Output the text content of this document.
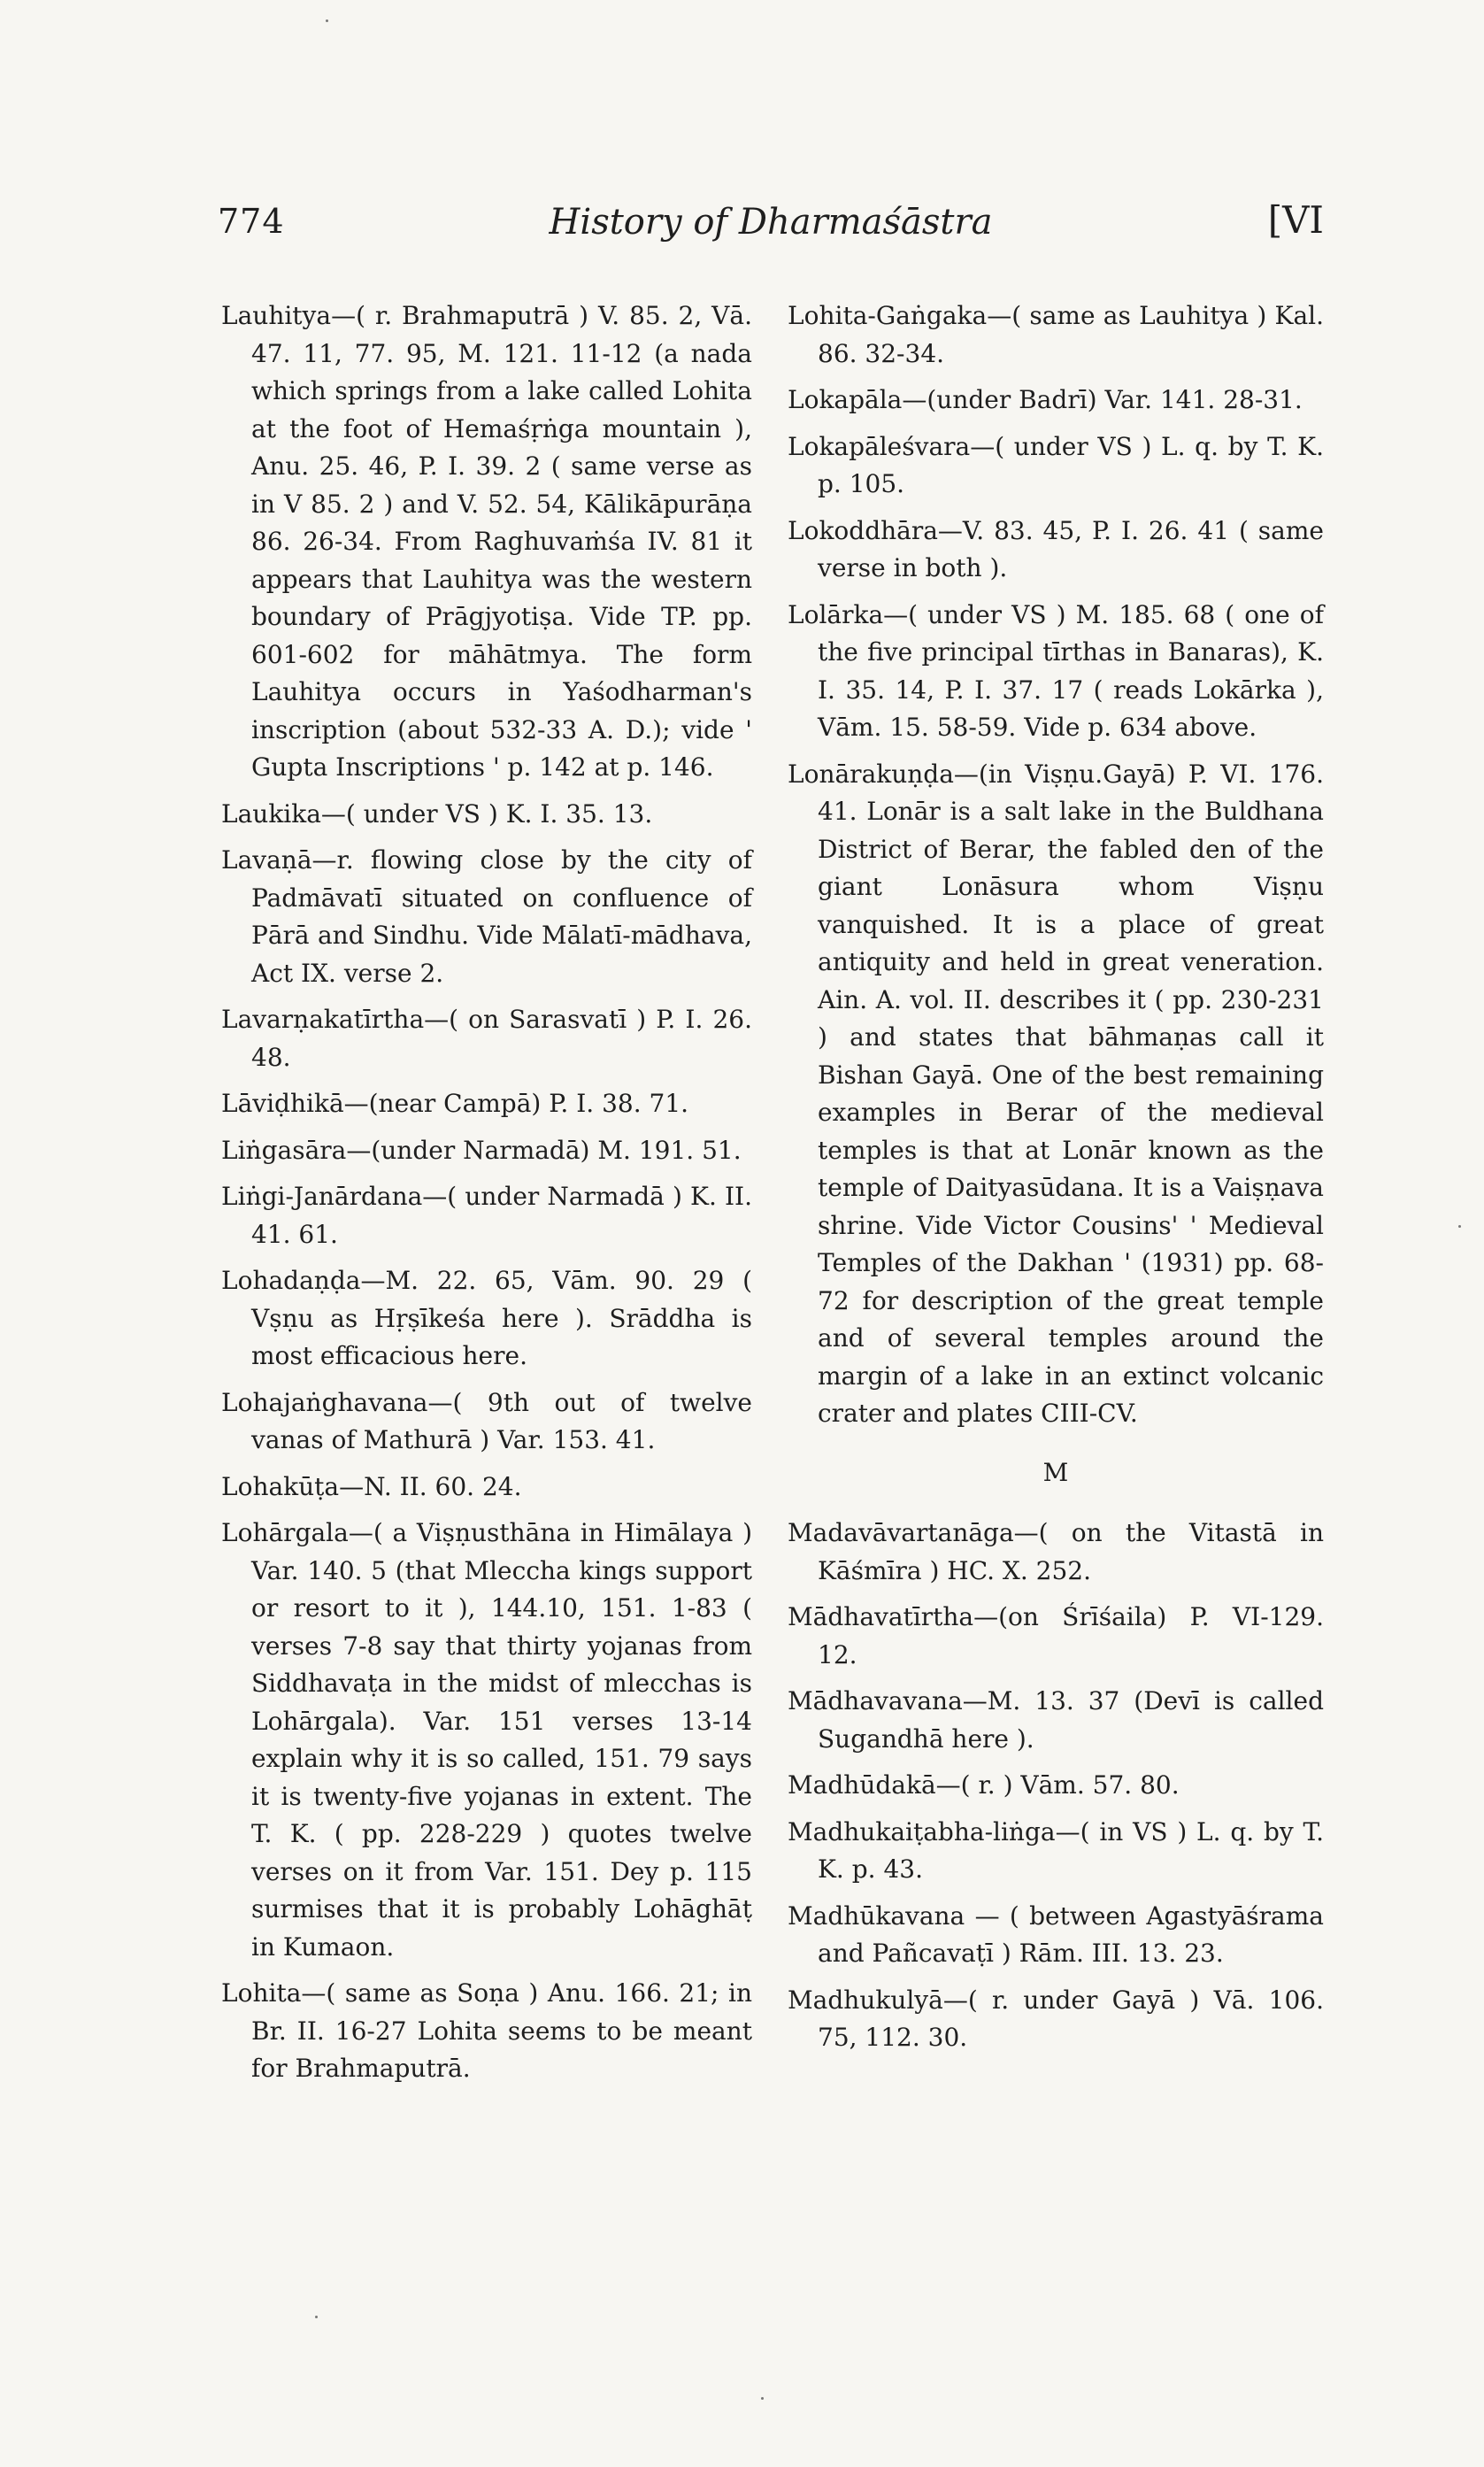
774	History of Dharmaśāstra	[VI

Lauhitya—( r. Brahmaputrā ) V. 85. 2, Vā. 47. 11, 77. 95, M. 121. 11-12 (a nada which springs from a lake called Lohita at the foot of Hemaśṛṅga mountain ), Anu. 25. 46, P. I. 39. 2 ( same verse as in V 85. 2 ) and V. 52. 54, Kālikāpurāṇa 86. 26-34. From Raghuvaṁśa IV. 81 it appears that Lauhitya was the western boundary of Prāgjyotiṣa. Vide TP. pp. 601-602 for māhātmya. The form Lauhitya occurs in Yaśodharman's inscription (about 532-33 A. D.); vide ' Gupta Inscriptions ' p. 142 at p. 146.

Laukika—( under VS ) K. I. 35. 13.

Lavaṇā—r. flowing close by the city of Padmāvatī situated on confluence of Pārā and Sindhu. Vide Mālatī-mādhava, Act IX. verse 2.

Lavarṇakatīrtha—( on Sarasvatī ) P. I. 26. 48.

Lāviḍhikā—(near Campā) P. I. 38. 71.

Liṅgasāra—(under Narmadā) M. 191. 51.

Liṅgi-Janārdana—( under Narmadā ) K. II. 41. 61.

Lohadaṇḍa—M. 22. 65, Vām. 90. 29 ( Vṣṇu as Hṛṣīkeśa here ). Srāddha is most efficacious here.

Lohajaṅghavana—( 9th out of twelve vanas of Mathurā ) Var. 153. 41.

Lohakūṭa—N. II. 60. 24.

Lohārgala—( a Viṣṇusthāna in Himālaya ) Var. 140. 5 (that Mleccha kings support or resort to it ), 144.10, 151. 1-83 ( verses 7-8 say that thirty yojanas from Siddhavaṭa in the midst of mlecchas is Lohārgala). Var. 151 verses 13-14 explain why it is so called, 151. 79 says it is twenty-five yojanas in extent. The T. K. ( pp. 228-229 ) quotes twelve verses on it from Var. 151. Dey p. 115 surmises that it is probably Lohāghāṭ in Kumaon.

Lohita—( same as Soṇa ) Anu. 166. 21; in Br. II. 16-27 Lohita seems to be meant for Brahmaputrā.

Lohita-Gaṅgaka—( same as Lauhitya ) Kal. 86. 32-34.

Lokapāla—(under Badrī) Var. 141. 28-31.

Lokapāleśvara—( under VS ) L. q. by T. K. p. 105.

Lokoddhāra—V. 83. 45, P. I. 26. 41 ( same verse in both ).

Lolārka—( under VS ) M. 185. 68 ( one of the five principal tīrthas in Banaras), K. I. 35. 14, P. I. 37. 17 ( reads Lokārka ), Vām. 15. 58-59. Vide p. 634 above.

Lonārakuṇḍa—(in Viṣṇu.Gayā) P. VI. 176. 41. Lonār is a salt lake in the Buldhana District of Berar, the fabled den of the giant Lonāsura whom Viṣṇu vanquished. It is a place of great antiquity and held in great veneration. Ain. A. vol. II. describes it ( pp. 230-231 ) and states that bāhmaṇas call it Bishan Gayā. One of the best remaining examples in Berar of the medieval temples is that at Lonār known as the temple of Daityasūdana. It is a Vaiṣṇava shrine. Vide Victor Cousins' ' Medieval Temples of the Dakhan ' (1931) pp. 68-72 for description of the great temple and of several temples around the margin of a lake in an extinct volcanic crater and plates CIII-CV.

M

Madavāvartanāga—( on the Vitastā in Kāśmīra ) HC. X. 252.

Mādhavatīrtha—(on Śrīśaila) P. VI-129. 12.

Mādhavavana—M. 13. 37 (Devī is called Sugandhā here ).

Madhūdakā—( r. ) Vām. 57. 80.

Madhukaiṭabha-liṅga—( in VS ) L. q. by T. K. p. 43.

Madhūkavana — ( between Agastyāśrama and Pañcavaṭī ) Rām. III. 13. 23.

Madhukulyā—( r. under Gayā ) Vā. 106. 75, 112. 30.
